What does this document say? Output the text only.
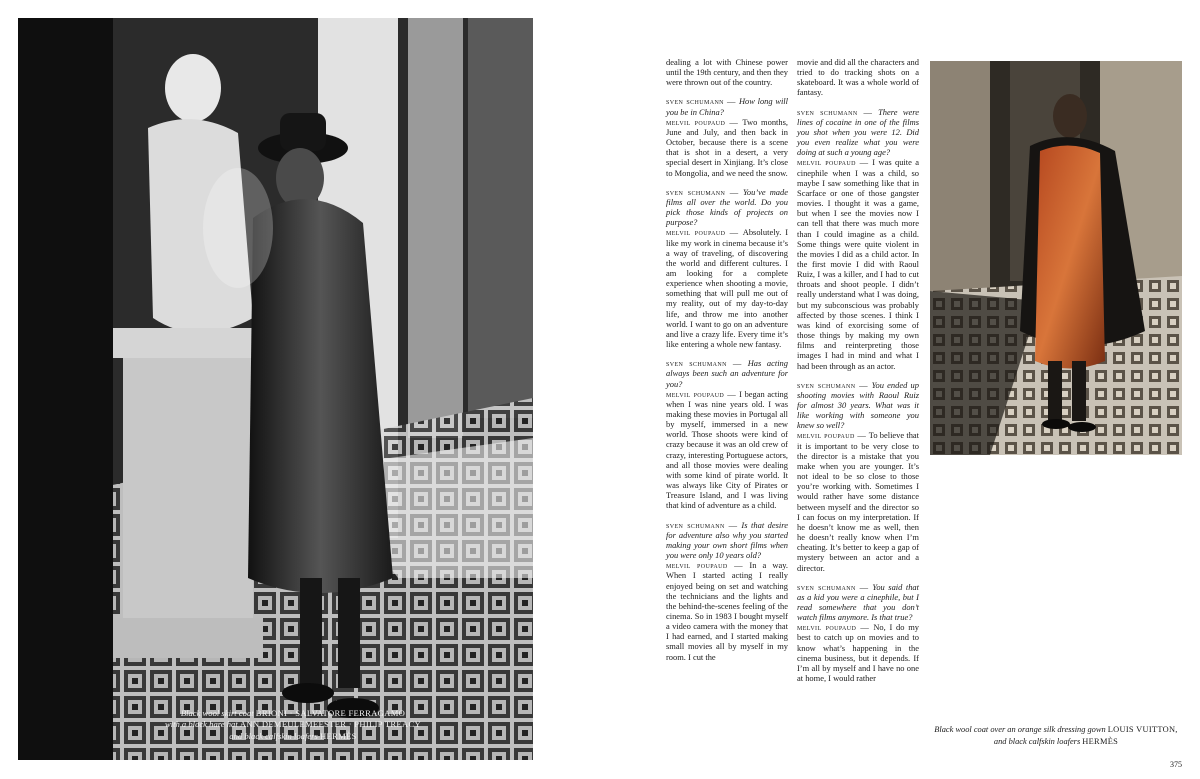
Black wool skirt coat BRIONI · SALVATORE FERRAGAMO
with a black hare hat ANN DEMEULEMEESTER · PHILIP TREACY
and black calfskin loafers HERMÈS

dealing a lot with Chinese power until the 19th century, and then they were thrown out of the country.

sven schumann — How long will you be in China?

melvil poupaud — Two months, June and July, and then back in October, because there is a scene that is shot in a desert, a very special desert in Xinjiang. It’s close to Mongolia, and we need the snow.

sven schumann — You’ve made films all over the world. Do you pick those kinds of projects on purpose?

melvil poupaud — Absolutely. I like my work in cinema because it’s a way of traveling, of discovering the world and different cultures. I am looking for a complete experience when shooting a movie, something that will pull me out of my reality, out of my day-to-day life, and throw me into another world. I want to go on an adventure and live a crazy life. Every time it’s like entering a whole new fantasy.

sven schumann — Has acting always been such an adventure for you?

melvil poupaud — I began acting when I was nine years old. I was making these movies in Portugal all by myself, immersed in a new world. Those shoots were kind of crazy because it was an old crew of crazy, interesting Portuguese actors, and all those movies were dealing with some kind of pirate world. It was always like City of Pirates or Treasure Island, and I was living that kind of adventure as a child.

sven schumann — Is that desire for adventure also why you started making your own short films when you were only 10 years old?

melvil poupaud — In a way. When I started acting I really enjoyed being on set and watching the technicians and the lights and the behind-the-scenes feeling of the cinema. So in 1983 I bought myself a video camera with the money that I had earned, and I started making small movies all by myself in my room. I cut the

movie and did all the characters and tried to do tracking shots on a skateboard. It was a whole world of fantasy.

sven schumann — There were lines of cocaine in one of the films you shot when you were 12. Did you even realize what you were doing at such a young age?

melvil poupaud — I was quite a cinephile when I was a child, so maybe I saw something like that in Scarface or one of those gangster movies. I thought it was a game, but when I see the movies now I can tell that there was much more than I could imagine as a child. Some things were quite violent in the movies I did as a child actor. In the first movie I did with Raoul Ruiz, I was a killer, and I had to cut throats and shoot people. I didn’t really understand what I was doing, but my subconscious was probably affected by those scenes. I think I was kind of exorcising some of those things by making my own films and reinterpreting those images I had in mind and what I had been through as an actor.

sven schumann — You ended up shooting movies with Raoul Ruiz for almost 30 years. What was it like working with someone you knew so well?

melvil poupaud — To believe that it is important to be very close to the director is a mistake that you make when you are younger. It’s not ideal to be so close to those you’re working with. Sometimes I would rather have some distance between myself and the director so I can focus on my interpretation. If he doesn’t know me as well, then he doesn’t really know when I’m cheating. It’s better to keep a gap of mystery between an actor and a director.

sven schumann — You said that as a kid you were a cinephile, but I read somewhere that you don’t watch films anymore. Is that true?

melvil poupaud — No, I do my best to catch up on movies and to know what’s happening in the cinema business, but it depends. If I’m all by myself and I have no one at home, I would rather

Black wool coat over an orange silk dressing gown LOUIS VUITTON,
and black calfskin loafers HERMÈS
375
